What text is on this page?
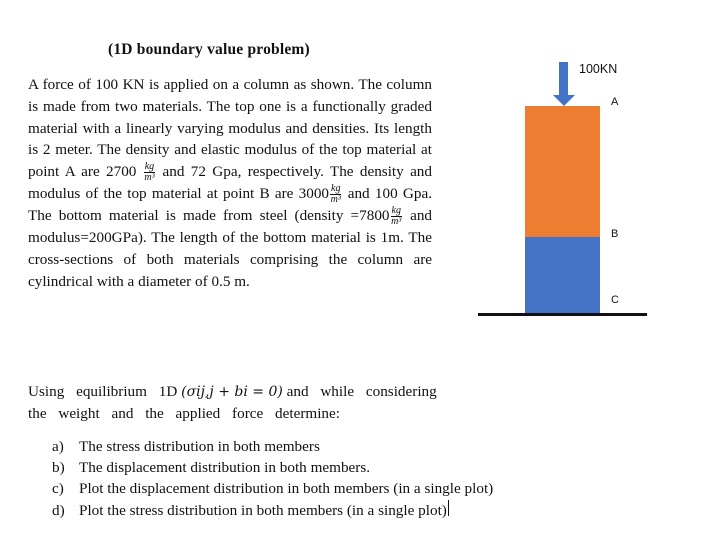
(1D boundary value problem)
A force of 100 KN is applied on a column as shown. The column is made from two materials. The top one is a functionally graded material with a linearly varying modulus and densities. Its length is 2 meter. The density and elastic modulus of the top material at point A are $2700 \frac{kg}{\text{m³}}$ and 72 Gpa, respectively. The density and modulus of the top material at point B are $3000 \frac{kg}{\text{m³}}$ and 100 Gpa. The bottom material is made from steel (density $=7800 \frac{kg}{\text{m³}}$ and modulus=200GPa). The length of the bottom material is 1m. The cross-sections of both materials comprising the column are cylindrical with a diameter of 0.5 m.
Using equilibrium 1D (σij,j + bi = 0) and while considering the weight and the applied force determine:
a) The stress distribution in both members
b) The displacement distribution in both members.
c) Plot the displacement distribution in both members (in a single plot)
d) Plot the stress distribution in both members (in a single plot)
100KN
A
B
C
